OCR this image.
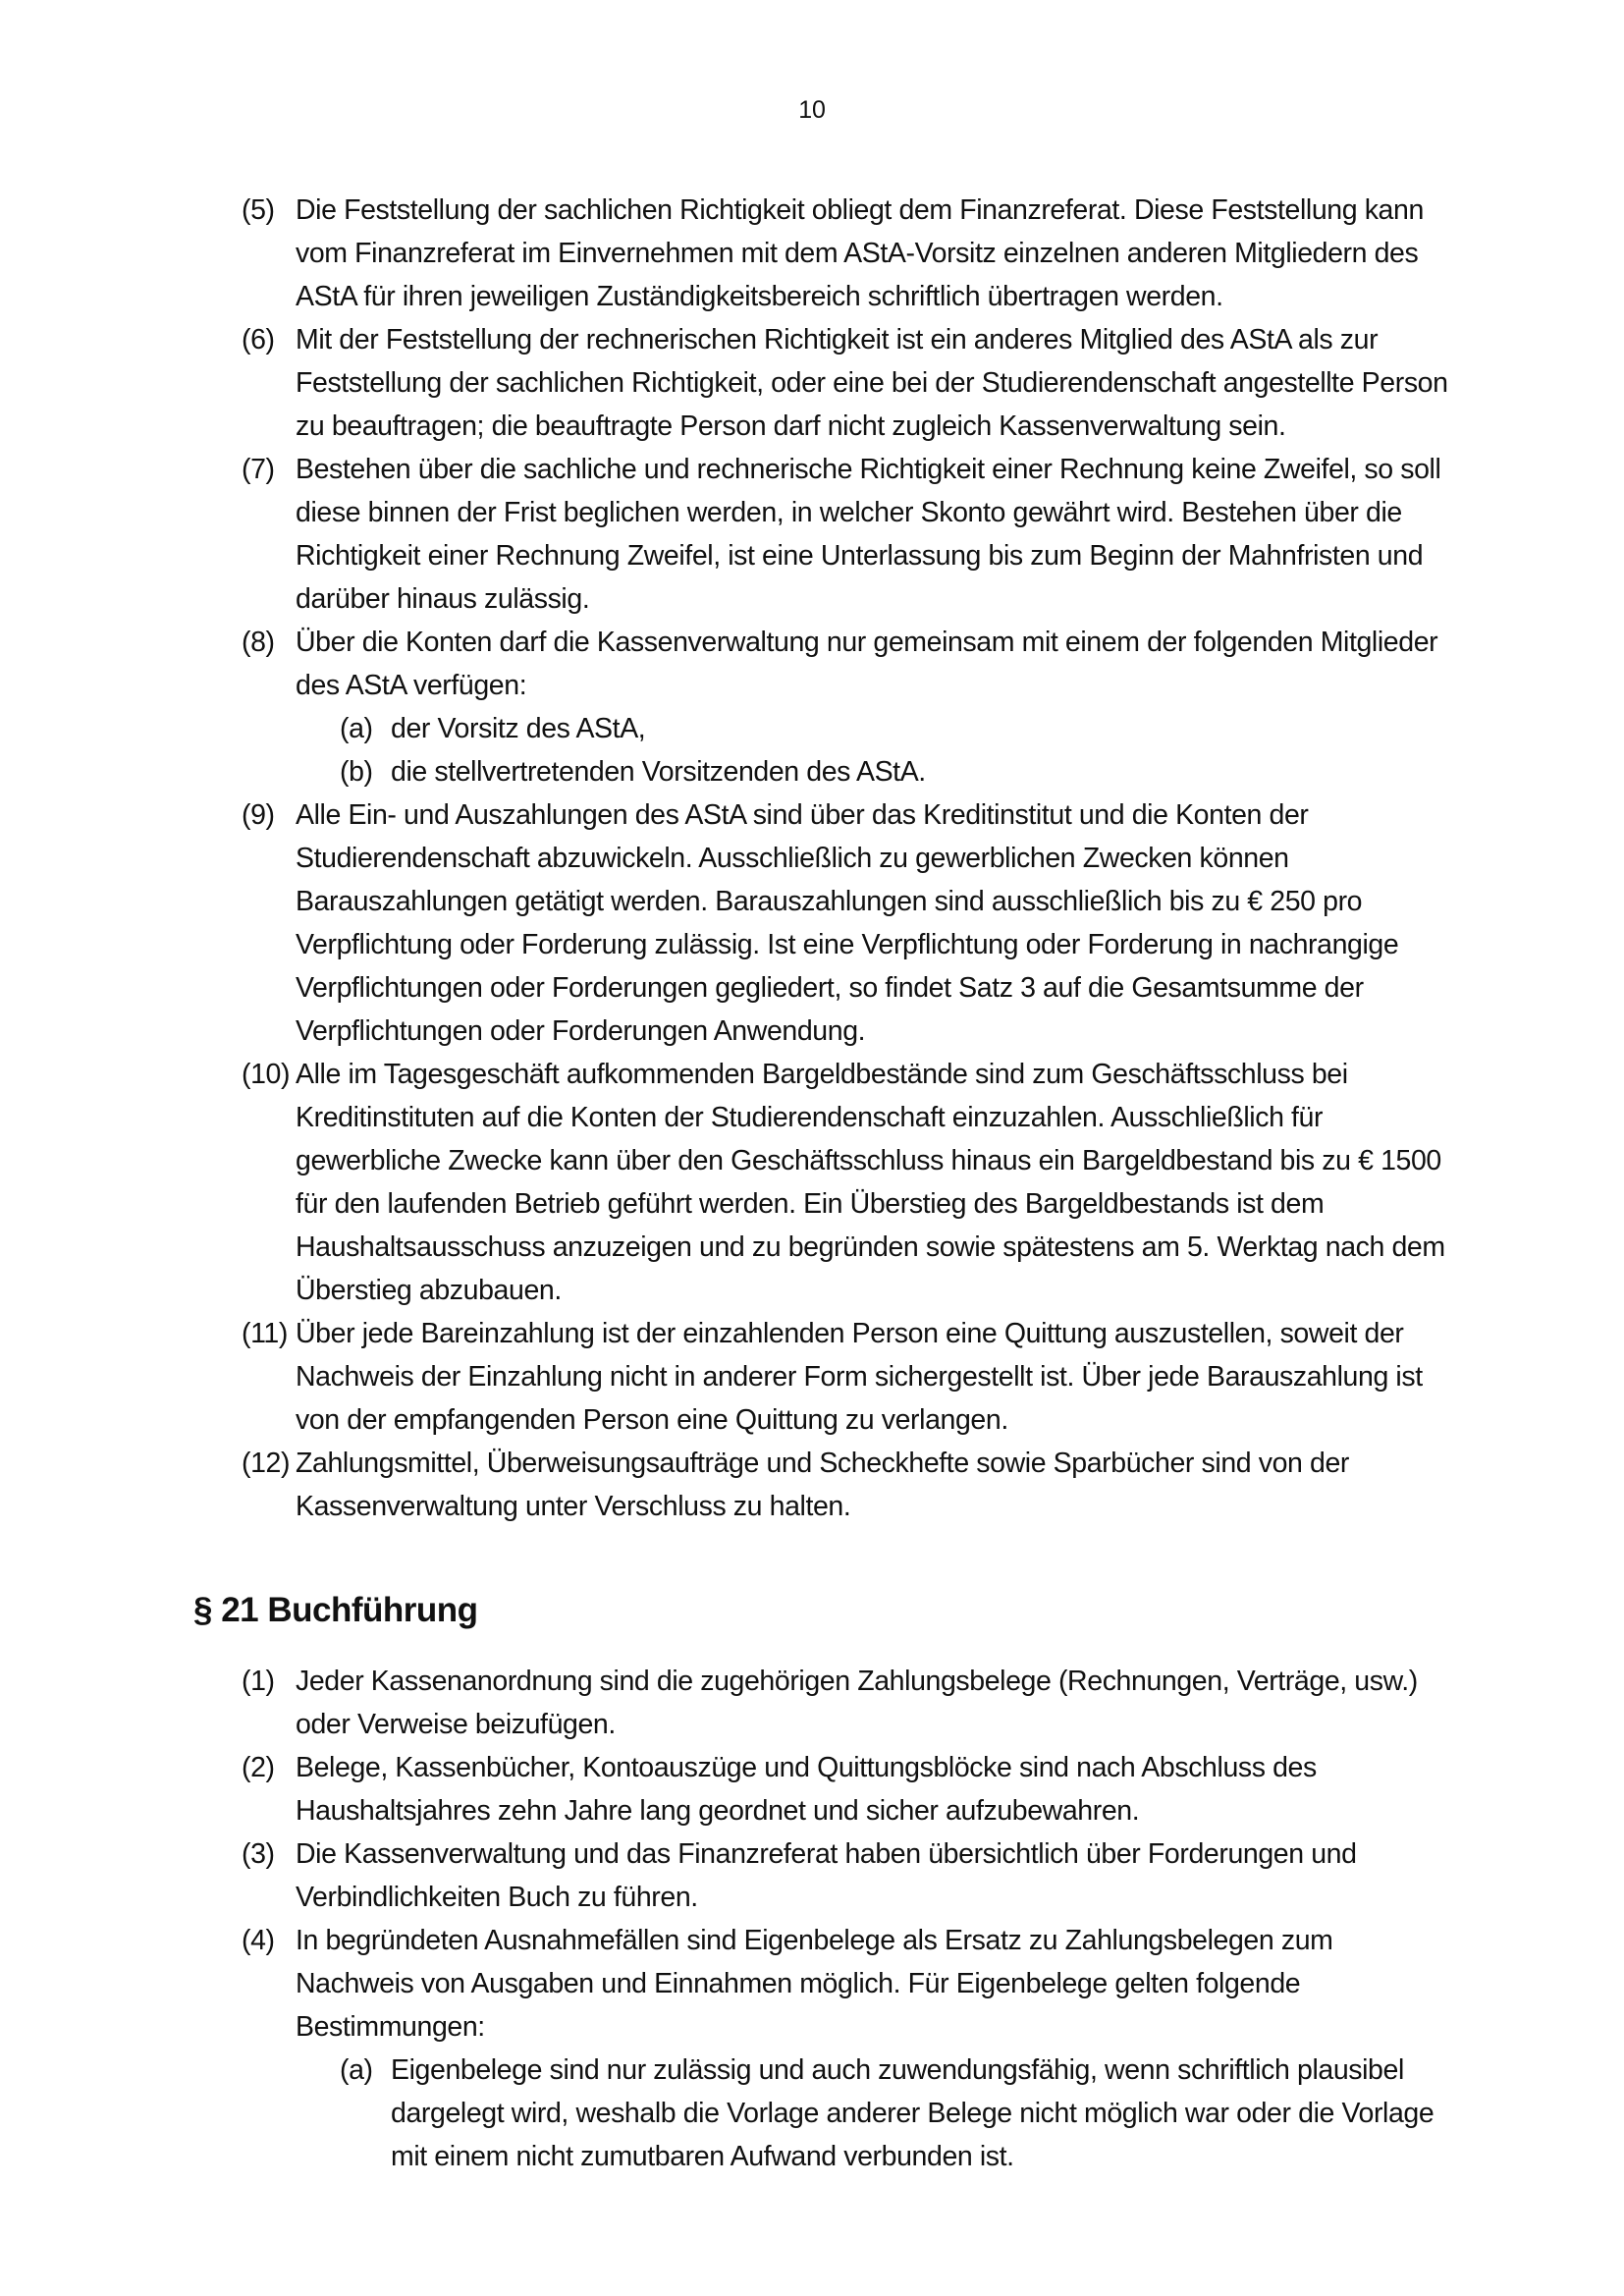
10
(5) Die Feststellung der sachlichen Richtigkeit obliegt dem Finanzreferat. Diese Feststellung kann vom Finanzreferat im Einvernehmen mit dem AStA-Vorsitz einzelnen anderen Mitgliedern des AStA für ihren jeweiligen Zuständigkeitsbereich schriftlich übertragen werden.
(6) Mit der Feststellung der rechnerischen Richtigkeit ist ein anderes Mitglied des AStA als zur Feststellung der sachlichen Richtigkeit, oder eine bei der Studierendenschaft angestellte Person zu beauftragen; die beauftragte Person darf nicht zugleich Kassenverwaltung sein.
(7) Bestehen über die sachliche und rechnerische Richtigkeit einer Rechnung keine Zweifel, so soll diese binnen der Frist beglichen werden, in welcher Skonto gewährt wird. Bestehen über die Richtigkeit einer Rechnung Zweifel, ist eine Unterlassung bis zum Beginn der Mahnfristen und darüber hinaus zulässig.
(8) Über die Konten darf die Kassenverwaltung nur gemeinsam mit einem der folgenden Mitglieder des AStA verfügen:
(a) der Vorsitz des AStA,
(b) die stellvertretenden Vorsitzenden des AStA.
(9) Alle Ein- und Auszahlungen des AStA sind über das Kreditinstitut und die Konten der Studierendenschaft abzuwickeln. Ausschließlich zu gewerblichen Zwecken können Barauszahlungen getätigt werden. Barauszahlungen sind ausschließlich bis zu € 250 pro Verpflichtung oder Forderung zulässig. Ist eine Verpflichtung oder Forderung in nachrangige Verpflichtungen oder Forderungen gegliedert, so findet Satz 3 auf die Gesamtsumme der Verpflichtungen oder Forderungen Anwendung.
(10) Alle im Tagesgeschäft aufkommenden Bargeldbestände sind zum Geschäftsschluss bei Kreditinstituten auf die Konten der Studierendenschaft einzuzahlen. Ausschließlich für gewerbliche Zwecke kann über den Geschäftsschluss hinaus ein Bargeldbestand bis zu € 1500 für den laufenden Betrieb geführt werden. Ein Überstieg des Bargeldbestands ist dem Haushaltsausschuss anzuzeigen und zu begründen sowie spätestens am 5. Werktag nach dem Überstieg abzubauen.
(11) Über jede Bareinzahlung ist der einzahlenden Person eine Quittung auszustellen, soweit der Nachweis der Einzahlung nicht in anderer Form sichergestellt ist. Über jede Barauszahlung ist von der empfangenden Person eine Quittung zu verlangen.
(12) Zahlungsmittel, Überweisungsaufträge und Scheckhefte sowie Sparbücher sind von der Kassenverwaltung unter Verschluss zu halten.
§ 21 Buchführung
(1) Jeder Kassenanordnung sind die zugehörigen Zahlungsbelege (Rechnungen, Verträge, usw.) oder Verweise beizufügen.
(2) Belege, Kassenbücher, Kontoauszüge und Quittungsblöcke sind nach Abschluss des Haushaltsjahres zehn Jahre lang geordnet und sicher aufzubewahren.
(3) Die Kassenverwaltung und das Finanzreferat haben übersichtlich über Forderungen und Verbindlichkeiten Buch zu führen.
(4) In begründeten Ausnahmefällen sind Eigenbelege als Ersatz zu Zahlungsbelegen zum Nachweis von Ausgaben und Einnahmen möglich. Für Eigenbelege gelten folgende Bestimmungen:
(a) Eigenbelege sind nur zulässig und auch zuwendungsfähig, wenn schriftlich plausibel dargelegt wird, weshalb die Vorlage anderer Belege nicht möglich war oder die Vorlage mit einem nicht zumutbaren Aufwand verbunden ist.
